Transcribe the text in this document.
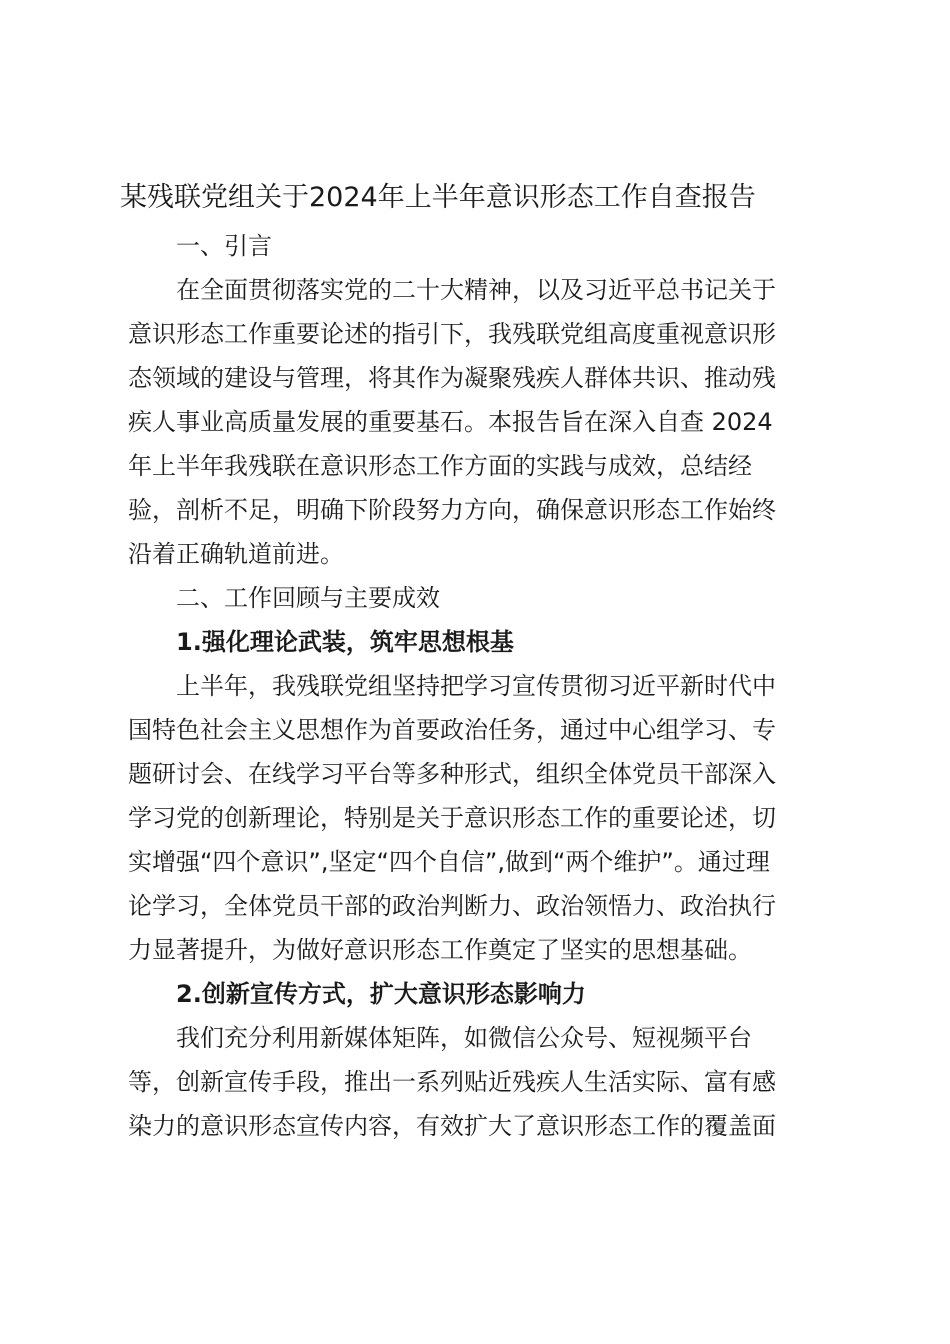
某残联党组关于2024年上半年意识形态工作自查报告
一、引言
在全面贯彻落实党的二十大精神，以及习近平总书记关于
意识形态工作重要论述的指引下，我残联党组高度重视意识形
态领域的建设与管理，将其作为凝聚残疾人群体共识、推动残
疾人事业高质量发展的重要基石。本报告旨在深入自查 2024
年上半年我残联在意识形态工作方面的实践与成效，总结经
验，剖析不足，明确下阶段努力方向，确保意识形态工作始终
沿着正确轨道前进。
二、工作回顾与主要成效
1.强化理论武装，筑牢思想根基
上半年，我残联党组坚持把学习宣传贯彻习近平新时代中
国特色社会主义思想作为首要政治任务，通过中心组学习、专
题研讨会、在线学习平台等多种形式，组织全体党员干部深入
学习党的创新理论，特别是关于意识形态工作的重要论述，切
实增强“四个意识”,坚定“四个自信”,做到“两个维护”。通过理
论学习，全体党员干部的政治判断力、政治领悟力、政治执行
力显著提升，为做好意识形态工作奠定了坚实的思想基础。
2.创新宣传方式，扩大意识形态影响力
我们充分利用新媒体矩阵，如微信公众号、短视频平台
等，创新宣传手段，推出一系列贴近残疾人生活实际、富有感
染力的意识形态宣传内容，有效扩大了意识形态工作的覆盖面
